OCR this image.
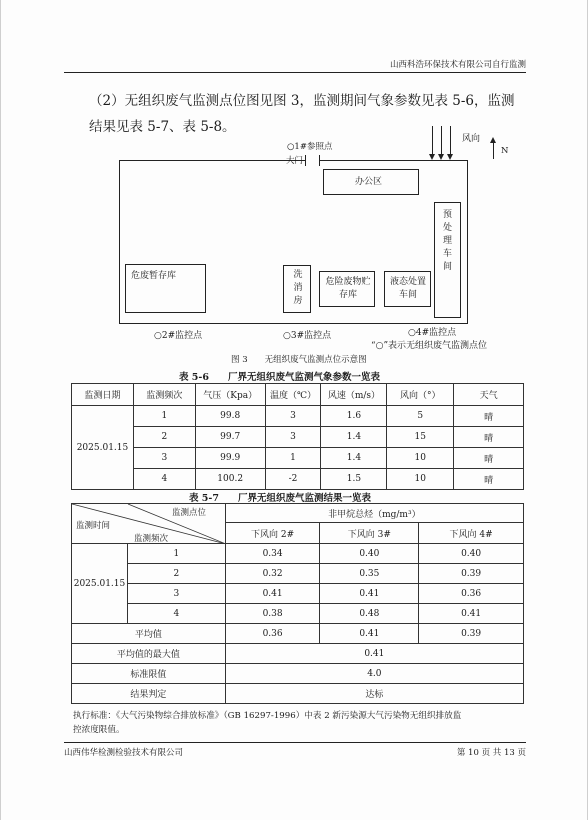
山西科浩环保技术有限公司自行监测
（2）无组织废气监测点位图见图 3，监测期间气象参数见表 5-6，监测
结果见表 5-7、表 5-8。
○1#参照点
大门
风向
N
办公区
预处理车间
危废暂存库	洗消房
危险废物贮存库
液态处置车间
○2#监控点	○3#监控点	○4#监控点
“○”表示无组织废气监测点位
图 3　　无组织废气监测点位示意图
表 5-6　　厂界无组织废气监测气象参数一览表
监测日期	监测频次	气压（Kpa）	温度（℃）	风速（m/s）	风向（°）	天气
2025.01.15	1	99.8	3	1.6	5	晴
	2	99.7	3	1.4	15	晴
	3	99.9	1	1.4	10	晴
	4	100.2	-2	1.5	10	晴
表 5-7　　厂界无组织废气监测结果一览表
监测点位
监测时间
监测频次		非甲烷总烃（mg/m³）		
		下风向 2#	下风向 3#	下风向 4#
2025.01.15	1	0.34	0.40	0.40
	2	0.32	0.35	0.39
	3	0.41	0.41	0.36
	4	0.38	0.48	0.41
平均值		0.36	0.41	0.39
平均值的最大值		0.41		
标准限值		4.0		
结果判定		达标		
执行标准：《大气污染物综合排放标准》（GB 16297-1996）中表 2 新污染源大气污染物无组织排放监
控浓度限值。
山西伟华检测检验技术有限公司	第 10 页 共 13 页
